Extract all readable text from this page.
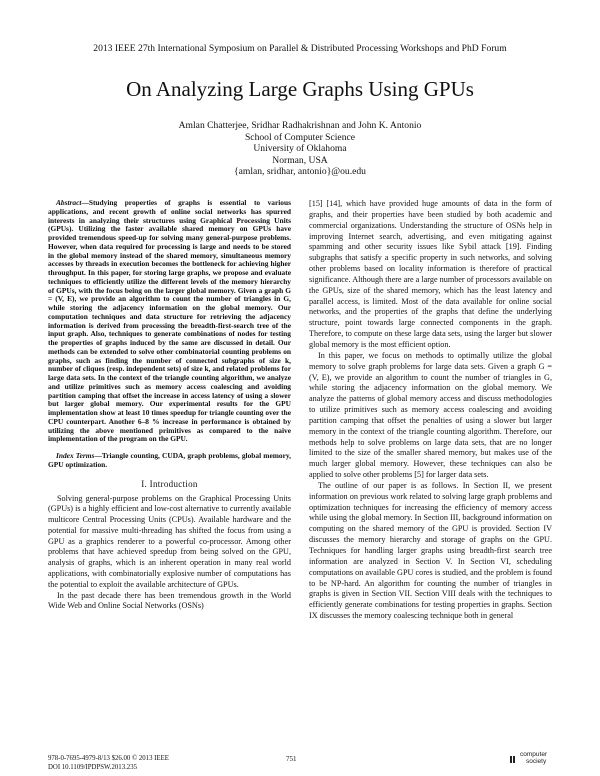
2013 IEEE 27th International Symposium on Parallel & Distributed Processing Workshops and PhD Forum
On Analyzing Large Graphs Using GPUs
Amlan Chatterjee, Sridhar Radhakrishnan and John K. Antonio
School of Computer Science
University of Oklahoma
Norman, USA
{amlan, sridhar, antonio}@ou.edu

Abstract—Studying properties of graphs is essential to various applications, and recent growth of online social networks has spurred interests in analyzing their structures using Graphical Processing Units (GPUs). Utilizing the faster available shared memory on GPUs have provided tremendous speed-up for solving many general-purpose problems. However, when data required for processing is large and needs to be stored in the global memory instead of the shared memory, simultaneous memory accesses by threads in execution becomes the bottleneck for achieving higher throughput. In this paper, for storing large graphs, we propose and evaluate techniques to efficiently utilize the different levels of the memory hierarchy of GPUs, with the focus being on the larger global memory. Given a graph G = (V, E), we provide an algorithm to count the number of triangles in G, while storing the adjacency information on the global memory. Our computation techniques and data structure for retrieving the adjacency information is derived from processing the breadth-first-search tree of the input graph. Also, techniques to generate combinations of nodes for testing the properties of graphs induced by the same are discussed in detail. Our methods can be extended to solve other combinatorial counting problems on graphs, such as finding the number of connected subgraphs of size k, number of cliques (resp. independent sets) of size k, and related problems for large data sets. In the context of the triangle counting algorithm, we analyze and utilize primitives such as memory access coalescing and avoiding partition camping that offset the increase in access latency of using a slower but larger global memory. Our experimental results for the GPU implementation show at least 10 times speedup for triangle counting over the CPU counterpart. Another 6–8 % increase in performance is obtained by utilizing the above mentioned primitives as compared to the naive implementation of the program on the GPU.

Index Terms—Triangle counting, CUDA, graph problems, global memory, GPU optimization.

I. Introduction

Solving general-purpose problems on the Graphical Processing Units (GPUs) is a highly efficient and low-cost alternative to currently available multicore Central Processing Units (CPUs). Available hardware and the potential for massive multi-threading has shifted the focus from using a GPU as a graphics renderer to a powerful co-processor. Among other problems that have achieved speedup from being solved on the GPU, analysis of graphs, which is an inherent operation in many real world applications, with combinatorially explosive number of computations has the potential to exploit the available architecture of GPUs.

In the past decade there has been tremendous growth in the World Wide Web and Online Social Networks (OSNs)

[15] [14], which have provided huge amounts of data in the form of graphs, and their properties have been studied by both academic and commercial organizations. Understanding the structure of OSNs help in improving Internet search, advertising, and even mitigating against spamming and other security issues like Sybil attack [19]. Finding subgraphs that satisfy a specific property in such networks, and solving other problems based on locality information is therefore of practical significance. Although there are a large number of processors available on the GPUs, size of the shared memory, which has the least latency and parallel access, is limited. Most of the data available for online social networks, and the properties of the graphs that define the underlying structure, point towards large connected components in the graph. Therefore, to compute on these large data sets, using the larger but slower global memory is the most efficient option.

In this paper, we focus on methods to optimally utilize the global memory to solve graph problems for large data sets. Given a graph G = (V, E), we provide an algorithm to count the number of triangles in G, while storing the adjacency information on the global memory. We analyze the patterns of global memory access and discuss methodologies to utilize primitives such as memory access coalescing and avoiding partition camping that offset the penalties of using a slower but larger memory in the context of the triangle counting algorithm. Therefore, our methods help to solve problems on large data sets, that are no longer limited to the size of the smaller shared memory, but makes use of the much larger global memory. However, these techniques can also be applied to solve other problems [5] for larger data sets.

The outline of our paper is as follows. In Section II, we present information on previous work related to solving large graph problems and optimization techniques for increasing the efficiency of memory access while using the global memory. In Section III, background information on computing on the shared memory of the GPU is provided. Section IV discusses the memory hierarchy and storage of graphs on the GPU. Techniques for handling larger graphs using breadth-first search tree information are analyzed in Section V. In Section VI, scheduling computations on available GPU cores is studied, and the problem is found to be NP-hard. An algorithm for counting the number of triangles in graphs is given in Section VII. Section VIII deals with the techniques to efficiently generate combinations for testing properties in graphs. Section IX discusses the memory coalescing technique both in general

978-0-7695-4979-8/13 $26.00 © 2013 IEEE
DOI 10.1109/IPDPSW.2013.235
751
computer
society
